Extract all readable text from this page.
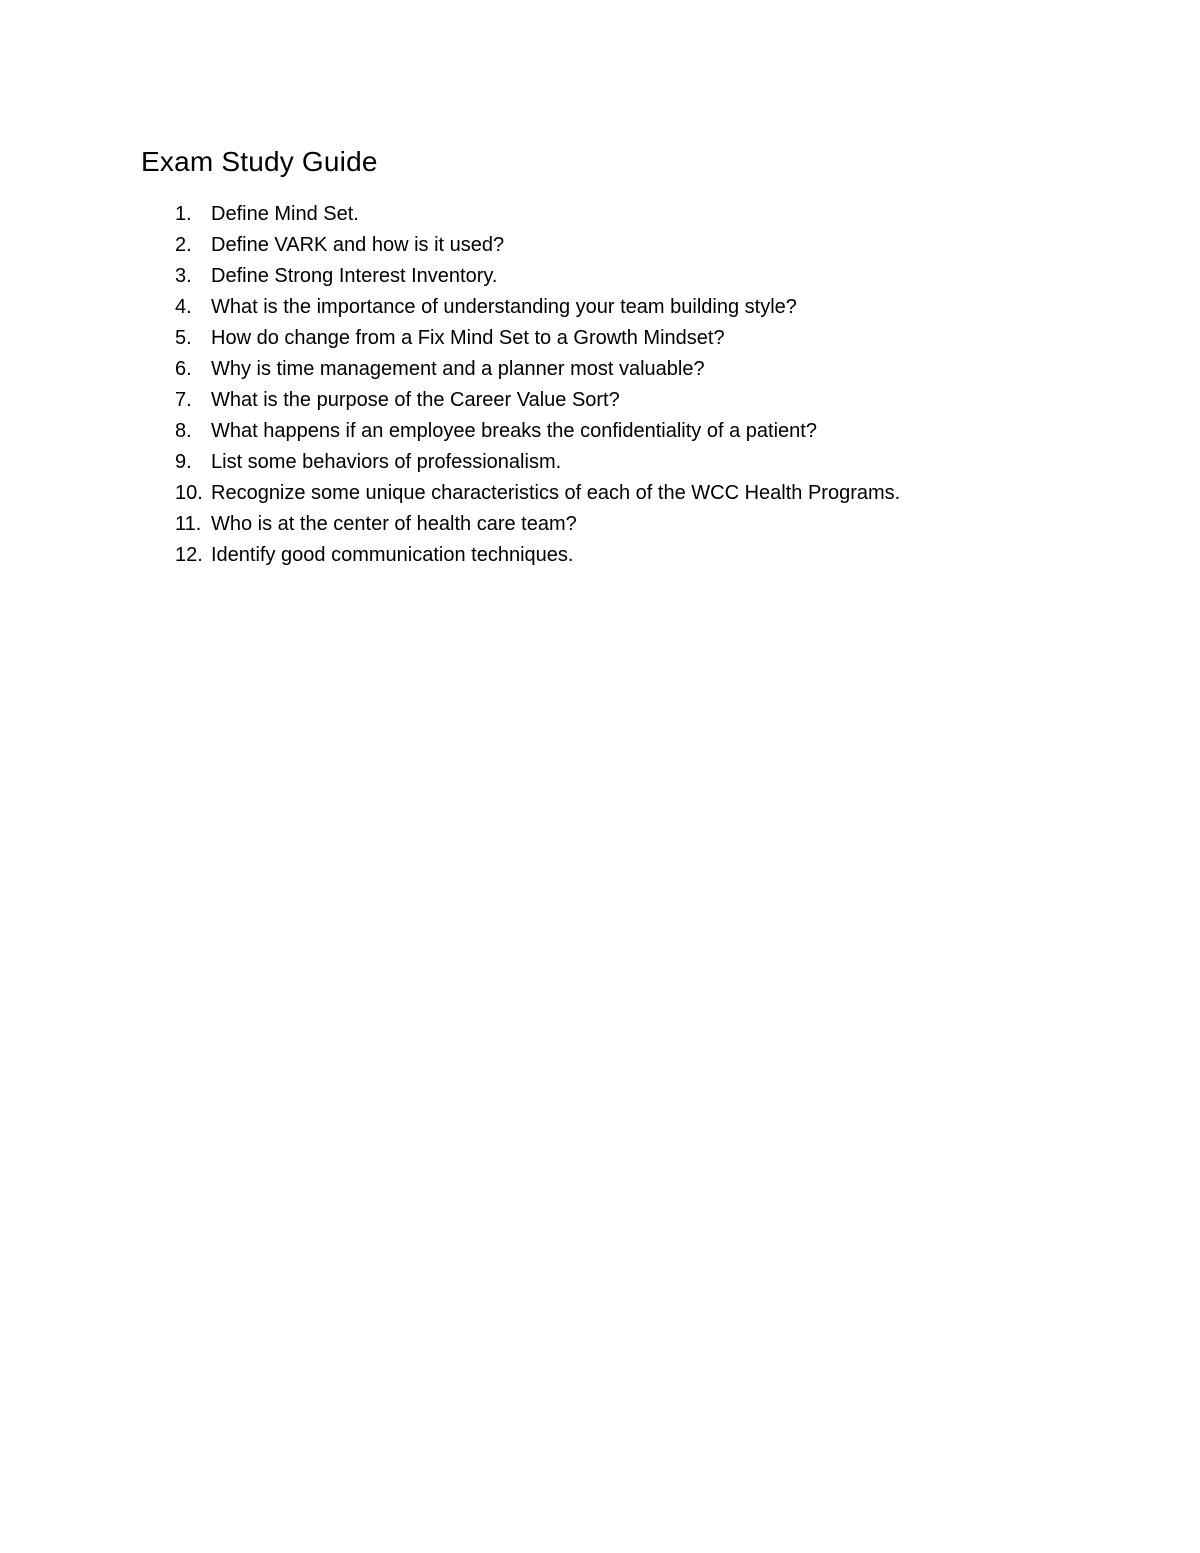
Exam Study Guide
1. Define Mind Set.
2. Define VARK and how is it used?
3. Define Strong Interest Inventory.
4. What is the importance of understanding your team building style?
5. How do change from a Fix Mind Set to a Growth Mindset?
6. Why is time management and a planner most valuable?
7. What is the purpose of the Career Value Sort?
8. What happens if an employee breaks the confidentiality of a patient?
9. List some behaviors of professionalism.
10. Recognize some unique characteristics of each of the WCC Health Programs.
11. Who is at the center of health care team?
12. Identify good communication techniques.
